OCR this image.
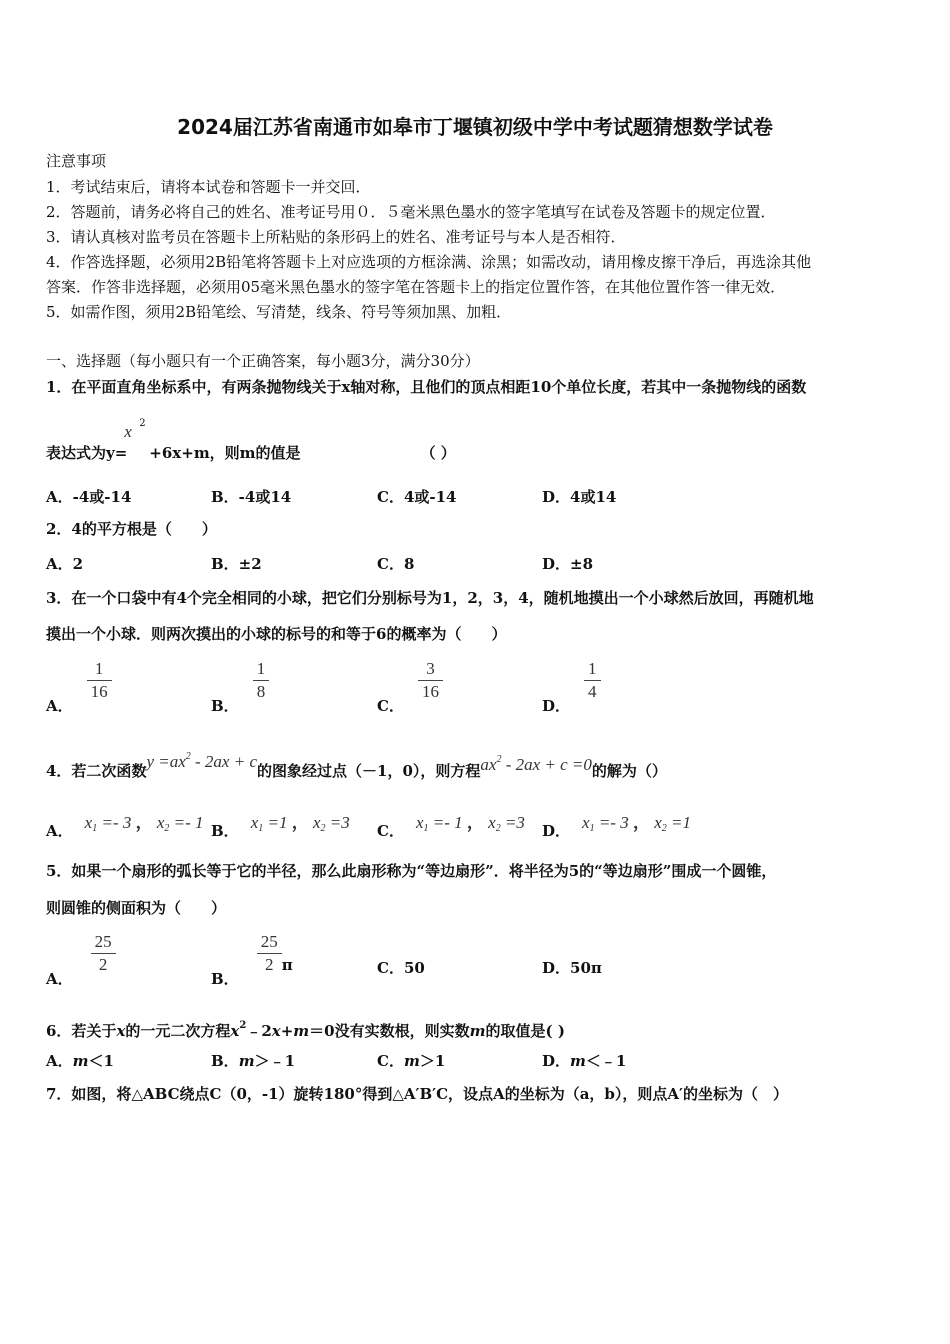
2024届江苏省南通市如皋市丁堰镇初级中学中考试题猜想数学试卷
注意事项
1．考试结束后，请将本试卷和答题卡一并交回．
2．答题前，请务必将自己的姓名、准考证号用０．５毫米黑色墨水的签字笔填写在试卷及答题卡的规定位置．
3．请认真核对监考员在答题卡上所粘贴的条形码上的姓名、准考证号与本人是否相符．
4．作答选择题，必须用2B铅笔将答题卡上对应选项的方框涂满、涂黑；如需改动，请用橡皮擦干净后，再选涂其他
答案．作答非选择题，必须用05毫米黑色墨水的签字笔在答题卡上的指定位置作答，在其他位置作答一律无效．
5．如需作图，须用2B铅笔绘、写清楚，线条、符号等须加黑、加粗．
一、选择题（每小题只有一个正确答案，每小题3分，满分30分）
1．在平面直角坐标系中，有两条抛物线关于x轴对称，且他们的顶点相距10个单位长度，若其中一条抛物线的函数
表达式为y=
x 2
+6x+m，则m的值是	（ ）
A．-4或-14	B．-4或14	C．4或-14	D．4或14
2．4的平方根是（　　）
A．2	B．±2	C．8	D．±8
3．在一个口袋中有4个完全相同的小球，把它们分别标号为1，2，3，4，随机地摸出一个小球然后放回，再随机地
摸出一个小球．则两次摸出的小球的标号的和等于6的概率为（　　）
A．
$\frac{1}{16}$
B．
$\frac{1}{8}$
C．
$\frac{3}{16}$
D．
$\frac{1}{4}$
4．若二次函数$y =ax^2 - 2ax + c$的图象经过点（－1，0），则方程$ax^2 - 2ax + c =0$的解为（）
A． $x_1 =- 3$ ， $x_2 =- 1$ B． $x_1 =1$ ， $x_2 =3$ C． $x_1 =- 1$ ， $x_2 =3$ D． $x_1 =- 3$ ， $x_2 =1$
5．如果一个扇形的弧长等于它的半径，那么此扇形称为“等边扇形”．将半径为5的“等边扇形”围成一个圆锥，
则圆锥的侧面积为（　　）
A．
$\frac{25}{2}$
B．
$\frac{25}{2}$ π	C．50	D．50π
6．若关于x的一元二次方程$x^2﹣2x+m=0$没有实数根，则实数m的取值是( )
A．m＜1	B．m＞﹣1	C．m＞1	D．m＜﹣1
7．如图，将△ABC绕点C（0，-1）旋转180°得到△A′B′C，设点A的坐标为（a，b），则点A′的坐标为（　）
